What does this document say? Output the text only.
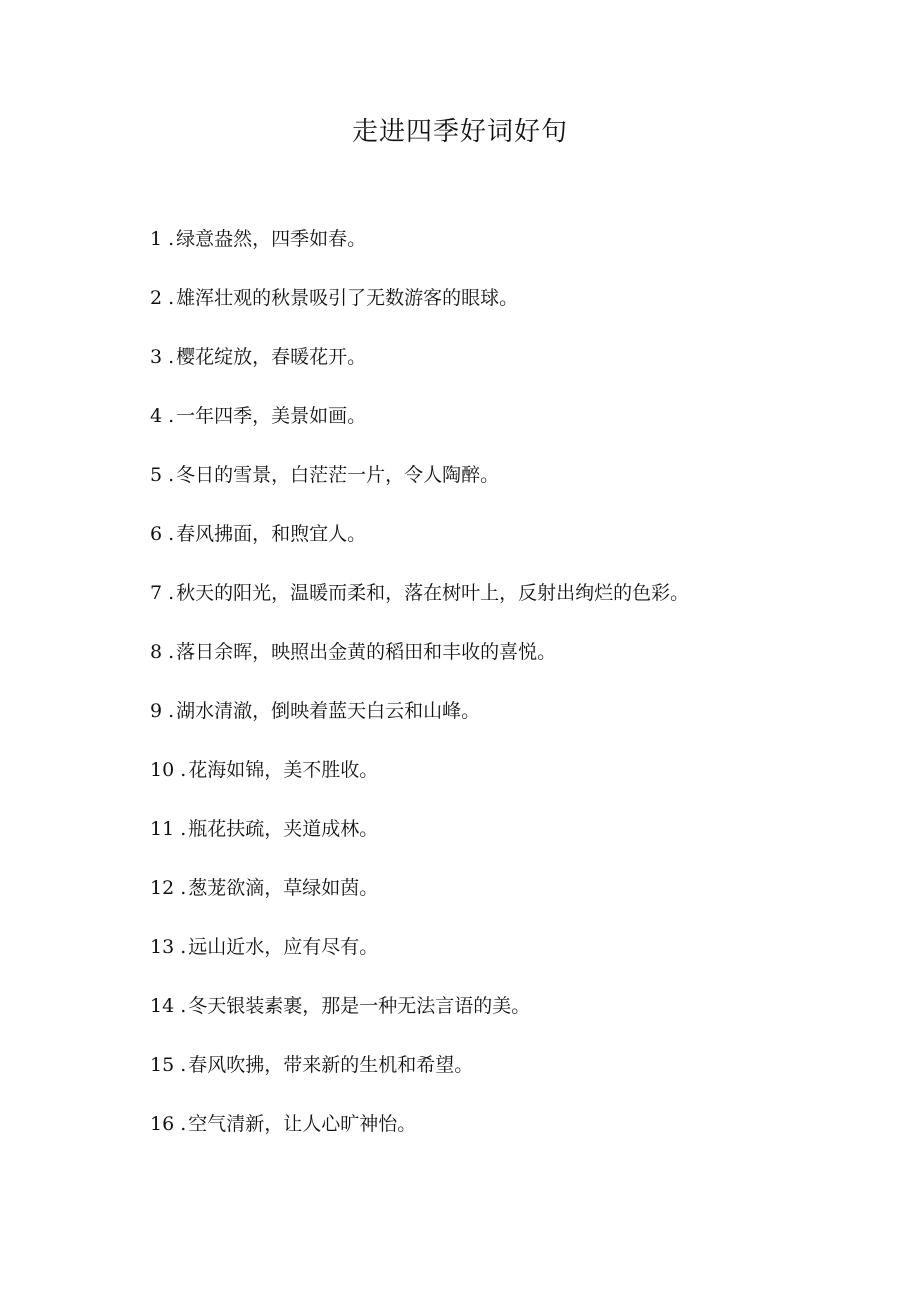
走进四季好词好句
1 . 绿意盎然，四季如春。
2 . 雄浑壮观的秋景吸引了无数游客的眼球。
3 . 樱花绽放，春暖花开。
4 . 一年四季，美景如画。
5 . 冬日的雪景，白茫茫一片，令人陶醉。
6 . 春风拂面，和煦宜人。
7 . 秋天的阳光，温暖而柔和，落在树叶上，反射出绚烂的色彩。
8 . 落日余晖，映照出金黄的稻田和丰收的喜悦。
9 . 湖水清澈，倒映着蓝天白云和山峰。
10 . 花海如锦，美不胜收。
11 . 瓶花扶疏，夹道成林。
12 . 葱茏欲滴，草绿如茵。
13 . 远山近水，应有尽有。
14 . 冬天银装素裹，那是一种无法言语的美。
15 . 春风吹拂，带来新的生机和希望。
16 . 空气清新，让人心旷神怡。
